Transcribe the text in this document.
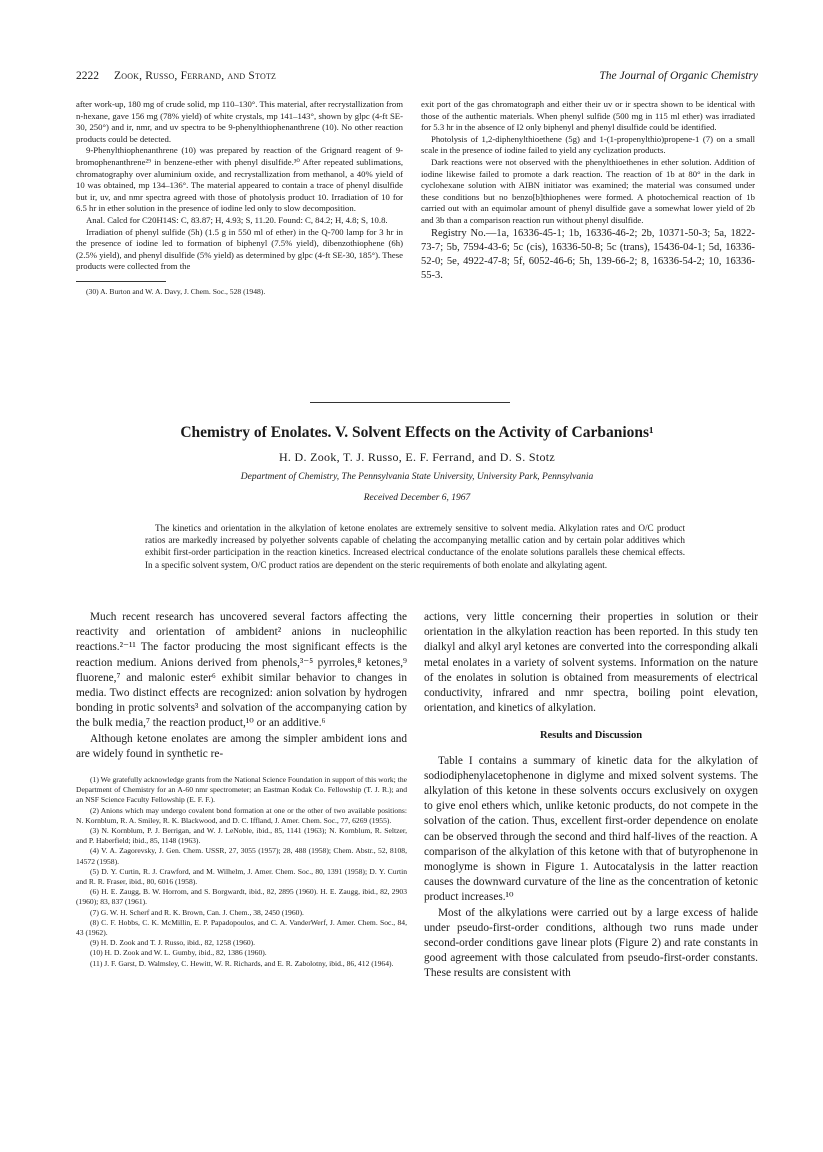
2222 Zook, Russo, Ferrand, and Stotz	The Journal of Organic Chemistry

after work-up, 180 mg of crude solid, mp 110–130°. This material, after recrystallization from n-hexane, gave 156 mg (78% yield) of white crystals, mp 141–143°, shown by glpc (4-ft SE-30, 250°) and ir, nmr, and uv spectra to be 9-phenylthiophenanthrene (10). No other reaction products could be detected.

9-Phenylthiophenanthrene (10) was prepared by reaction of the Grignard reagent of 9-bromophenanthrene²⁹ in benzene-ether with phenyl disulfide.³⁰ After repeated sublimations, chromatography over aluminium oxide, and recrystallization from methanol, a 40% yield of 10 was obtained, mp 134–136°. The material appeared to contain a trace of phenyl disulfide but ir, uv, and nmr spectra agreed with those of photolysis product 10. Irradiation of 10 for 6.5 hr in ether solution in the presence of iodine led only to slow decomposition.

Anal. Calcd for C20H14S: C, 83.87; H, 4.93; S, 11.20. Found: C, 84.2; H, 4.8; S, 10.8.

Irradiation of phenyl sulfide (5h) (1.5 g in 550 ml of ether) in the Q-700 lamp for 3 hr in the presence of iodine led to formation of biphenyl (7.5% yield), dibenzothiophene (6h) (2.5% yield), and phenyl disulfide (5% yield) as determined by glpc (4-ft SE-30, 185°). These products were collected from the

(30) A. Burton and W. A. Davy, J. Chem. Soc., 528 (1948).

exit port of the gas chromatograph and either their uv or ir spectra shown to be identical with those of the authentic materials. When phenyl sulfide (500 mg in 115 ml ether) was irradiated for 5.3 hr in the absence of I2 only biphenyl and phenyl disulfide could be identified.

Photolysis of 1,2-diphenylthioethene (5g) and 1-(1-propenylthio)propene-1 (7) on a small scale in the presence of iodine failed to yield any cyclization products.

Dark reactions were not observed with the phenylthioethenes in ether solution. Addition of iodine likewise failed to promote a dark reaction. The reaction of 1b at 80° in the dark in cyclohexane solution with AIBN initiator was examined; the material was consumed under these conditions but no benzo[b]thiophenes were formed. A photochemical reaction of 1b carried out with an equimolar amount of phenyl disulfide gave a somewhat lower yield of 2b and 3b than a comparison reaction run without phenyl disulfide.

Registry No.—1a, 16336-45-1; 1b, 16336-46-2; 2b, 10371-50-3; 5a, 1822-73-7; 5b, 7594-43-6; 5c (cis), 16336-50-8; 5c (trans), 15436-04-1; 5d, 16336-52-0; 5e, 4922-47-8; 5f, 6052-46-6; 5h, 139-66-2; 8, 16336-54-2; 10, 16336-55-3.

Chemistry of Enolates. V. Solvent Effects on the Activity of Carbanions¹
H. D. Zook, T. J. Russo, E. F. Ferrand, and D. S. Stotz
Department of Chemistry, The Pennsylvania State University, University Park, Pennsylvania
Received December 6, 1967

The kinetics and orientation in the alkylation of ketone enolates are extremely sensitive to solvent media. Alkylation rates and O/C product ratios are markedly increased by polyether solvents capable of chelating the accompanying metallic cation and by certain polar additives which exhibit first-order participation in the reaction kinetics. Increased electrical conductance of the enolate solutions parallels these chemical effects. In a specific solvent system, O/C product ratios are dependent on the steric requirements of both enolate and alkylating agent.

Much recent research has uncovered several factors affecting the reactivity and orientation of ambident² anions in nucleophilic reactions.²⁻¹¹ The factor producing the most significant effects is the reaction medium. Anions derived from phenols,³⁻⁵ pyrroles,⁸ ketones,⁹ fluorene,⁷ and malonic ester⁶ exhibit similar behavior to changes in media. Two distinct effects are recognized: anion solvation by hydrogen bonding in protic solvents³ and solvation of the accompanying cation by the bulk media,⁷ the reaction product,¹⁰ or an additive.⁶

Although ketone enolates are among the simpler ambident ions and are widely found in synthetic re-

(1) We gratefully acknowledge grants from the National Science Foundation in support of this work; the Department of Chemistry for an A-60 nmr spectrometer; an Eastman Kodak Co. Fellowship (T. J. R.); and an NSF Science Faculty Fellowship (E. F. F.).

(2) Anions which may undergo covalent bond formation at one or the other of two available positions: N. Kornblum, R. A. Smiley, R. K. Blackwood, and D. C. Iffland, J. Amer. Chem. Soc., 77, 6269 (1955).

(3) N. Kornblum, P. J. Berrigan, and W. J. LeNoble, ibid., 85, 1141 (1963); N. Kornblum, R. Seltzer, and P. Haberfield; ibid., 85, 1148 (1963).

(4) V. A. Zagorevsky, J. Gen. Chem. USSR, 27, 3055 (1957); 28, 488 (1958); Chem. Abstr., 52, 8108, 14572 (1958).

(5) D. Y. Curtin, R. J. Crawford, and M. Wilhelm, J. Amer. Chem. Soc., 80, 1391 (1958); D. Y. Curtin and R. R. Fraser, ibid., 80, 6016 (1958).

(6) H. E. Zaugg, B. W. Horrom, and S. Borgwardt, ibid., 82, 2895 (1960). H. E. Zaugg, ibid., 82, 2903 (1960); 83, 837 (1961).

(7) G. W. H. Scherf and R. K. Brown, Can. J. Chem., 38, 2450 (1960).

(8) C. F. Hobbs, C. K. McMillin, E. P. Papadopoulos, and C. A. VanderWerf, J. Amer. Chem. Soc., 84, 43 (1962).

(9) H. D. Zook and T. J. Russo, ibid., 82, 1258 (1960).

(10) H. D. Zook and W. L. Gumby, ibid., 82, 1386 (1960).

(11) J. F. Garst, D. Walmsley, C. Hewitt, W. R. Richards, and E. R. Zabolotny, ibid., 86, 412 (1964).

actions, very little concerning their properties in solution or their orientation in the alkylation reaction has been reported. In this study ten dialkyl and alkyl aryl ketones are converted into the corresponding alkali metal enolates in a variety of solvent systems. Information on the nature of the enolates in solution is obtained from measurements of electrical conductivity, infrared and nmr spectra, boiling point elevation, orientation, and kinetics of alkylation.

Results and Discussion

Table I contains a summary of kinetic data for the alkylation of sodiodiphenylacetophenone in diglyme and mixed solvent systems. The alkylation of this ketone in these solvents occurs exclusively on oxygen to give enol ethers which, unlike ketonic products, do not compete in the solvation of the cation. Thus, excellent first-order dependence on enolate can be observed through the second and third half-lives of the reaction. A comparison of the alkylation of this ketone with that of butyrophenone in monoglyme is shown in Figure 1. Autocatalysis in the latter reaction causes the downward curvature of the line as the concentration of ketonic product increases.¹⁰

Most of the alkylations were carried out by a large excess of halide under pseudo-first-order conditions, although two runs made under second-order conditions gave linear plots (Figure 2) and rate constants in good agreement with those calculated from pseudo-first-order constants. These results are consistent with
